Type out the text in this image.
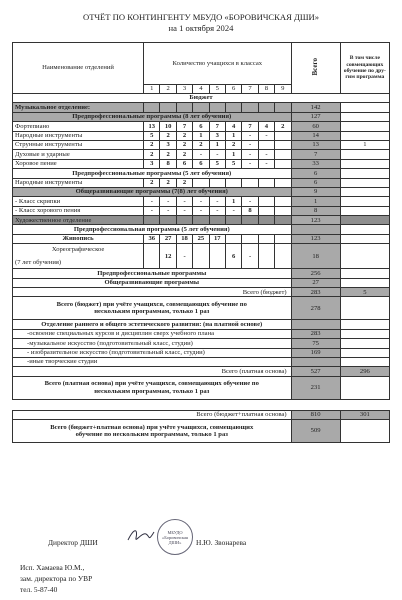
ОТЧЁТ ПО КОНТИНГЕНТУ МБУДО «БОРОВИЧСКАЯ ДШИ»
на 1 октября 2024
Наименование отделений	Количество учащихся в классах									Всего	В том числе совмещающих обучение по дру-гим программа
	1	2	3	4	5	6	7	8	9		
Бюджет											
Музыкальное отделение:										142	
Предпрофессиональные программы (8 лет обучения)										127	
Фортепиано	13	10	7	6	7	4	7	4	2	60	
Народные инструменты	5	2	2	1	3	1	-	-		14	
Струнные инструменты	2	3	2	2	1	2	-			13	1
Духовые и ударные	2	2	2	-	-	1	-	-		7	
Хоровое пение	3	8	6	6	5	5	-	-		33	
Предпрофессиональные программы (5 лет обучения)										6	
Народные инструменты	2	2	2							6	
Общеразвивающие программы (7(8) лет обучения)										9	
- Класс скрипки	-	-	-	-	-	1	-			1	
- Класс хорового пения	-	-	-	-	-	-	8			8	
Художественное отделение										123	
Предпрофессиональная программа (5 лет обучения)											
Живопись	36	27	18	25	17					123	

Хореографическое
(7 лет обучения)		12	-			6	-			18	
Предпрофессиональные программы										256	
Общеразвивающие программы										27	
Всего (бюджет)										283	5
Всего (бюджет) при учёте учащихся, совмещающих обучение по нескольким программам, только 1 раз										278	
Отделение раннего и общего эстетического развития: (на платной основе)											
-освоение специальных курсов и дисциплин сверх учебного плана										283	
-музыкальное искусство (подготовительный класс, студии)										75	
- изобразительное искусство (подготовительный класс, студии)										169	
-иные творческие студии											
Всего (платная основа)										527	296
Всего (платная основа) при учёте учащихся, совмещающих обучение по нескольким программам, только 1 раз										231	

Всего (бюджет+платная основа)										810	301
Всего (бюджет+платная основа) при учёте учащихся, совмещающих обучение по нескольким программам, только 1 раз										509	
Директор ДШИ
МБУДО «Боровичская ДШИ»	Н.Ю. Звонарева
Исп. Хамаева Ю.М.,
зам. директора по УВР
тел. 5-87-40
